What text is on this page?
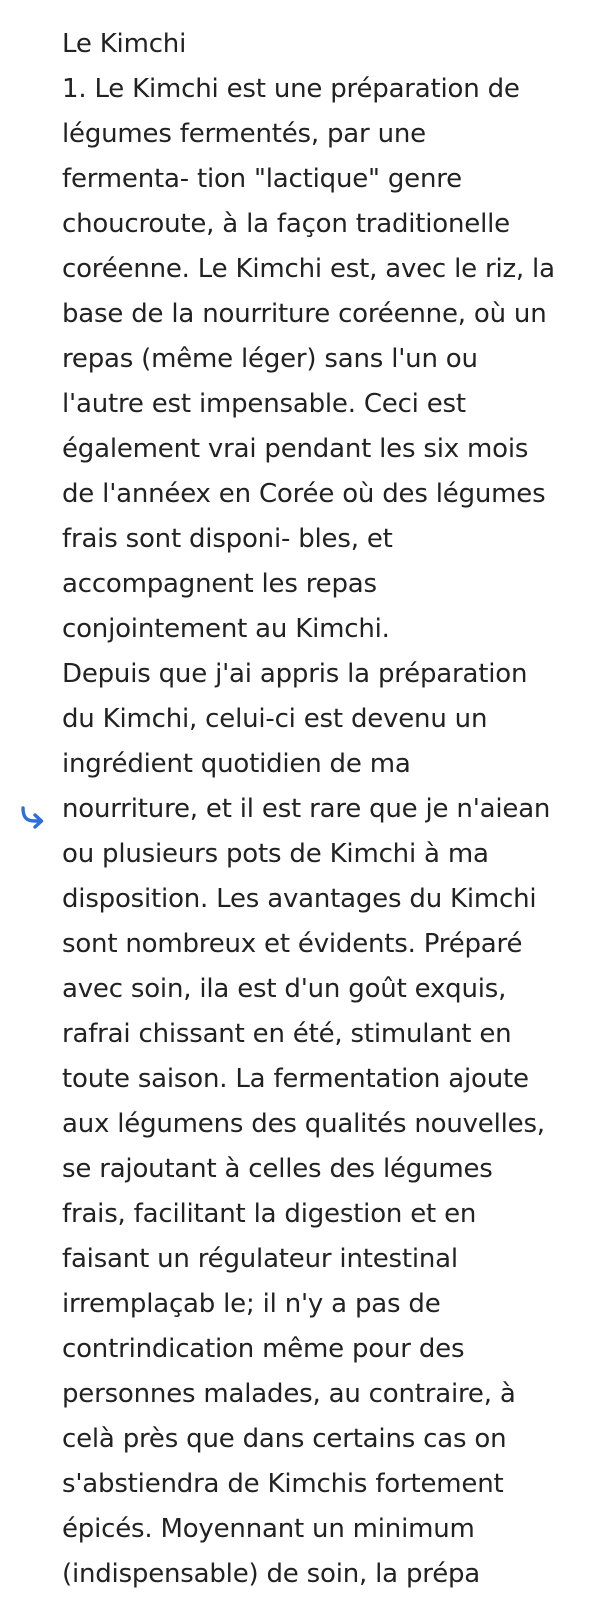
Le Kimchi
1. Le Kimchi est une préparation de
légumes fermentés, par une
fermenta- tion "lactique" genre
choucroute, à la façon traditionelle
coréenne. Le Kimchi est, avec le riz, la
base de la nourriture coréenne, où un
repas (même léger) sans l'un ou
l'autre est impensable. Ceci est
également vrai pendant les six mois
de l'annéex en Corée où des légumes
frais sont disponi- bles, et
accompagnent les repas
conjointement au Kimchi.
Depuis que j'ai appris la préparation
du Kimchi, celui-ci est devenu un
ingrédient quotidien de ma
nourriture, et il est rare que je n'aiean
ou plusieurs pots de Kimchi à ma
disposition. Les avantages du Kimchi
sont nombreux et évidents. Préparé
avec soin, ila est d'un goût exquis,
rafrai chissant en été, stimulant en
toute saison. La fermentation ajoute
aux légumens des qualités nouvelles,
se rajoutant à celles des légumes
frais, facilitant la digestion et en
faisant un régulateur intestinal
irremplaçab le; il n'y a pas de
contrindication même pour des
personnes malades, au contraire, à
celà près que dans certains cas on
s'abstiendra de Kimchis fortement
épicés. Moyennant un minimum
(indispensable) de soin, la prépa
